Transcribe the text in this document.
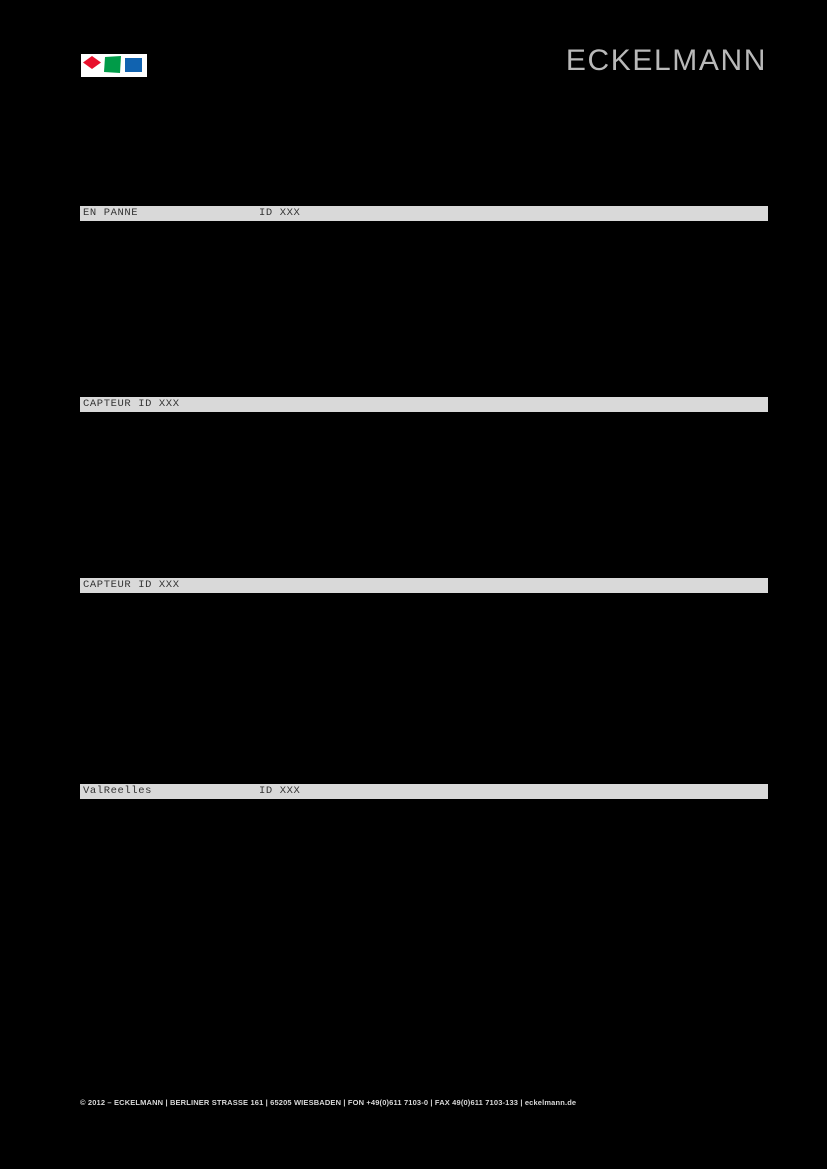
ECKELMANN
EN PANNE	ID XXX
CAPTEUR ID XXX
CAPTEUR ID XXX
ValReelles	ID XXX
© 2012 – ECKELMANN | BERLINER STRASSE 161 | 65205 WIESBADEN | FON +49(0)611 7103-0 | FAX 49(0)611 7103-133 | eckelmann.de
